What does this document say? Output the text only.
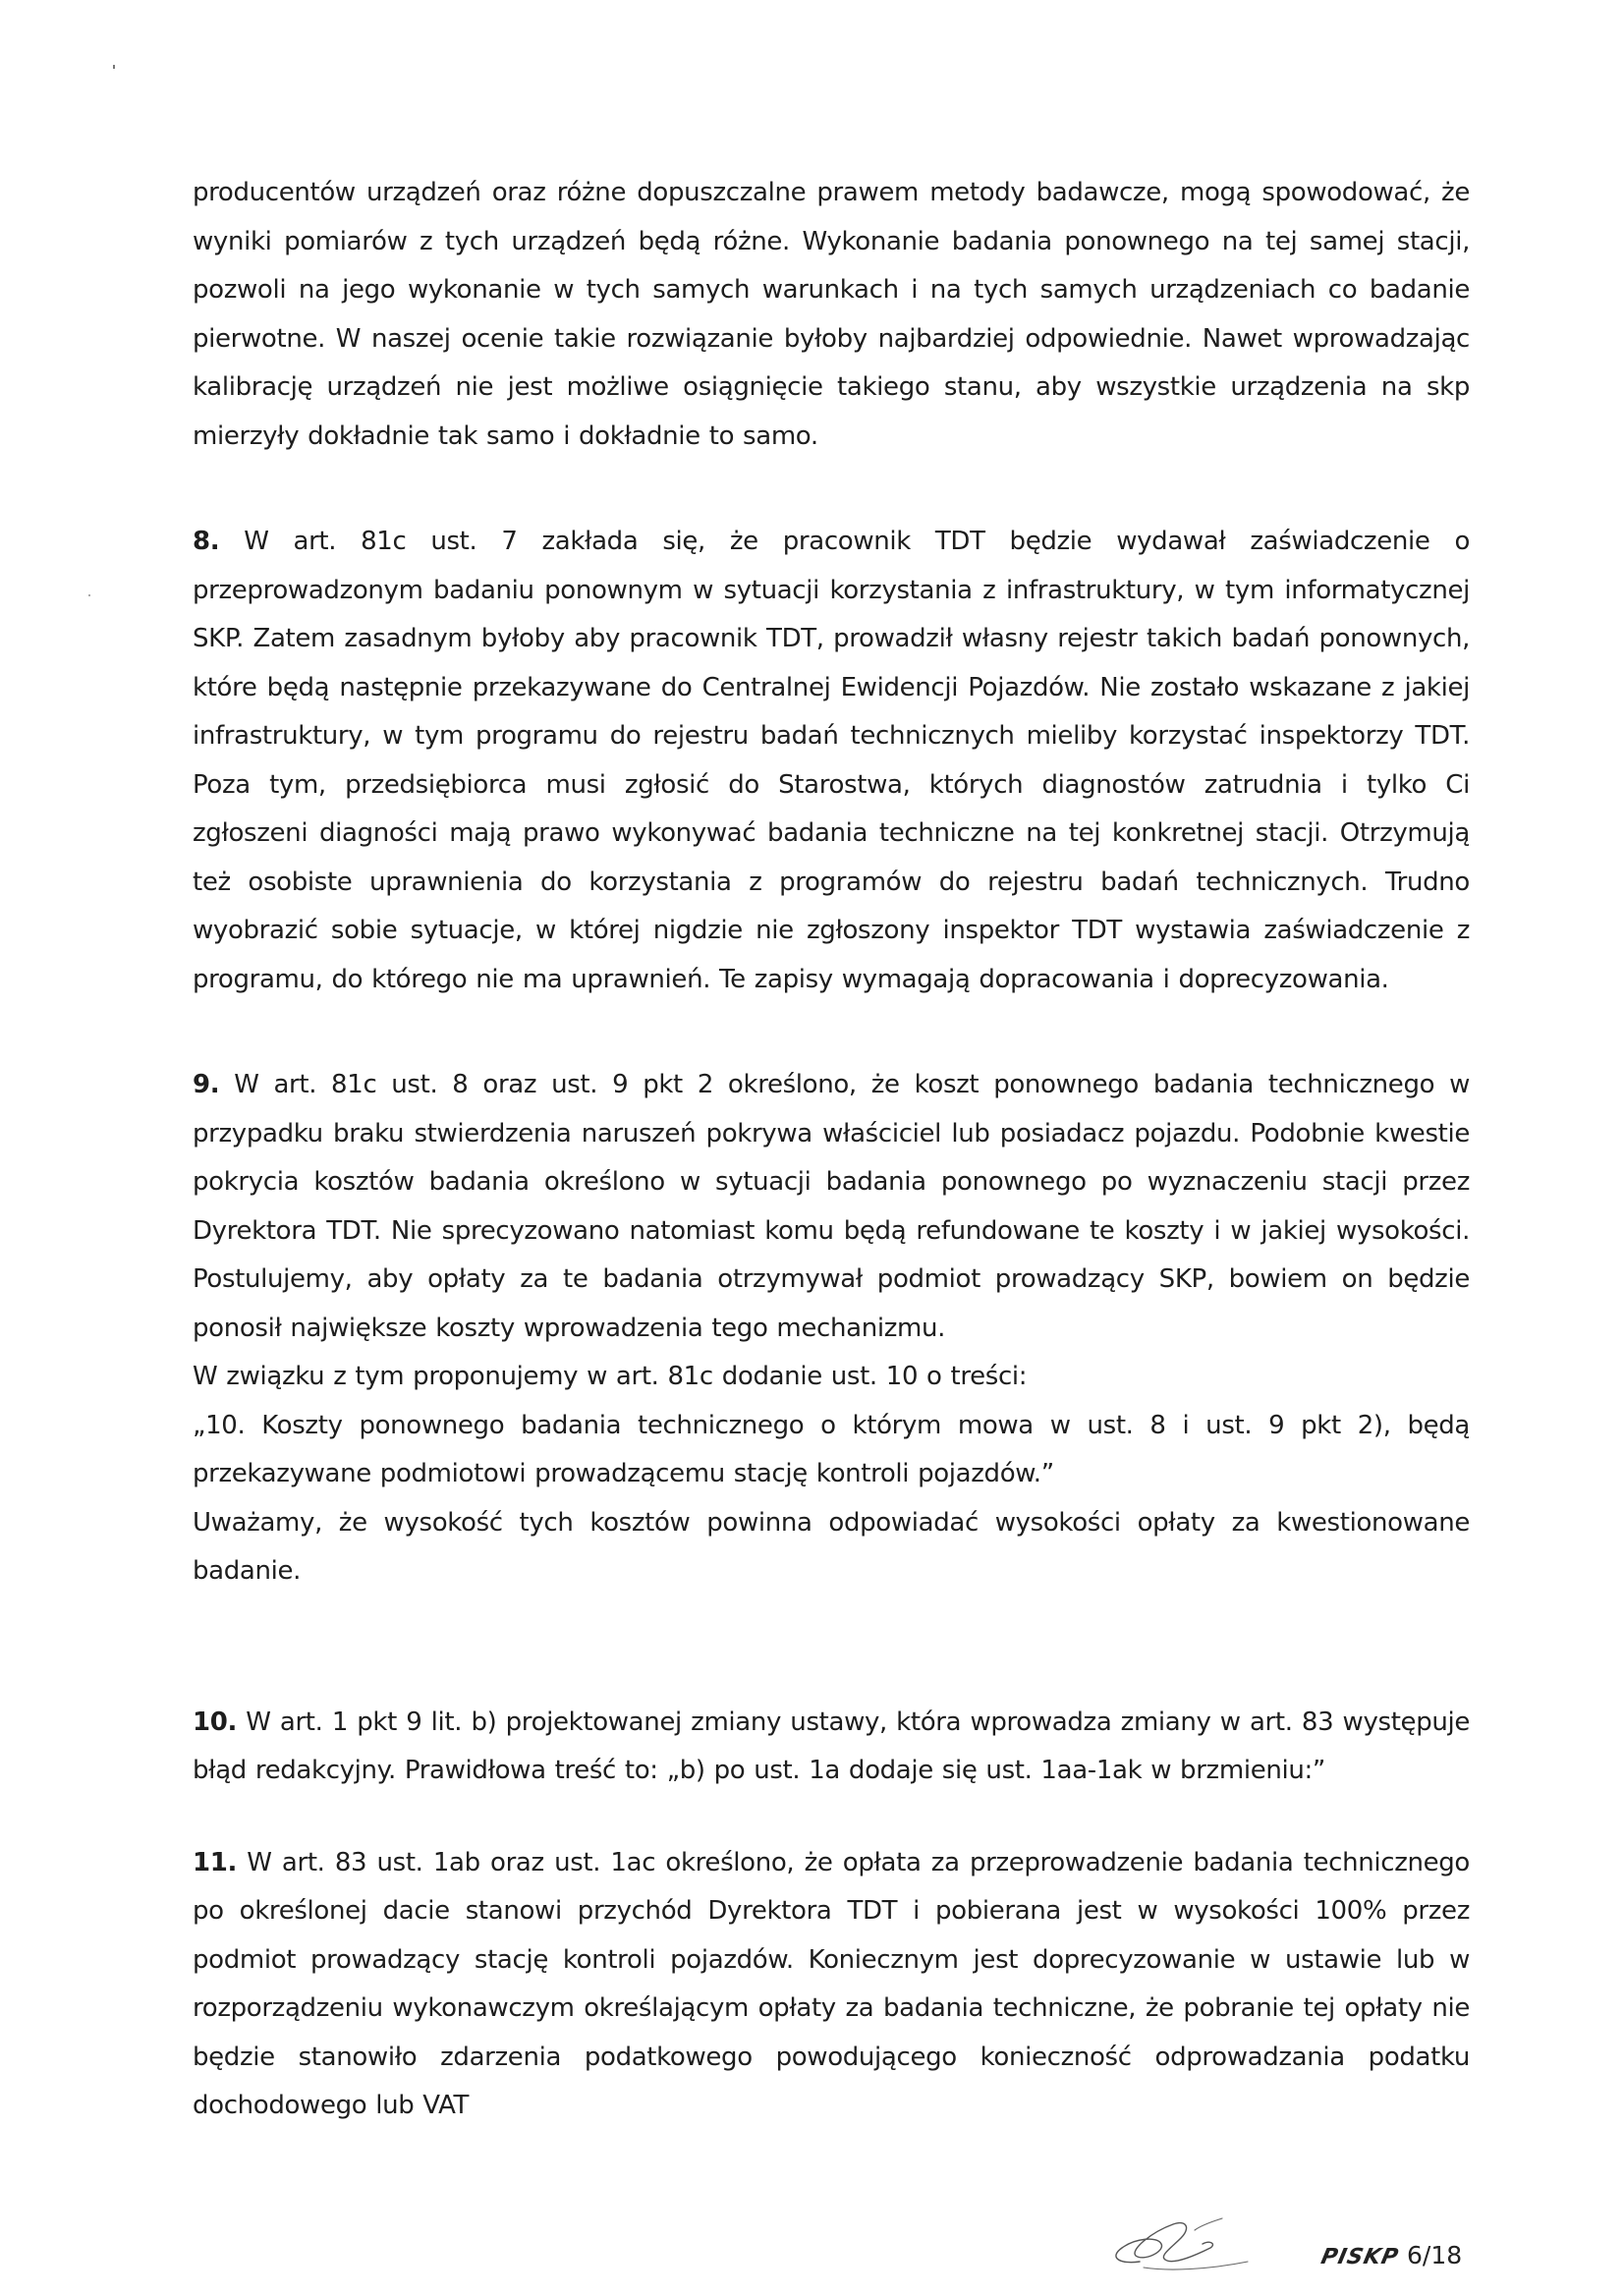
producentów urządzeń oraz różne dopuszczalne prawem metody badawcze, mogą spowodować, że wyniki pomiarów z tych urządzeń będą różne. Wykonanie badania ponownego na tej samej stacji, pozwoli na jego wykonanie w tych samych warunkach i na tych samych urządzeniach co badanie pierwotne. W naszej ocenie takie rozwiązanie byłoby najbardziej odpowiednie. Nawet wprowadzając kalibrację urządzeń nie jest możliwe osiągnięcie takiego stanu, aby wszystkie urządzenia na skp mierzyły dokładnie tak samo i dokładnie to samo.

8. W art. 81c ust. 7 zakłada się, że pracownik TDT będzie wydawał zaświadczenie o przeprowadzonym badaniu ponownym w sytuacji korzystania z infrastruktury, w tym informatycznej SKP. Zatem zasadnym byłoby aby pracownik TDT, prowadził własny rejestr takich badań ponownych, które będą następnie przekazywane do Centralnej Ewidencji Pojazdów. Nie zostało wskazane z jakiej infrastruktury, w tym programu do rejestru badań technicznych mieliby korzystać inspektorzy TDT. Poza tym, przedsiębiorca musi zgłosić do Starostwa, których diagnostów zatrudnia i tylko Ci zgłoszeni diagności mają prawo wykonywać badania techniczne na tej konkretnej stacji. Otrzymują też osobiste uprawnienia do korzystania z programów do rejestru badań technicznych. Trudno wyobrazić sobie sytuacje, w której nigdzie nie zgłoszony inspektor TDT wystawia zaświadczenie z programu, do którego nie ma uprawnień. Te zapisy wymagają dopracowania i doprecyzowania.

9. W art. 81c ust. 8 oraz ust. 9 pkt 2 określono, że koszt ponownego badania technicznego w przypadku braku stwierdzenia naruszeń pokrywa właściciel lub posiadacz pojazdu. Podobnie kwestie pokrycia kosztów badania określono w sytuacji badania ponownego po wyznaczeniu stacji przez Dyrektora TDT. Nie sprecyzowano natomiast komu będą refundowane te koszty i w jakiej wysokości. Postulujemy, aby opłaty za te badania otrzymywał podmiot prowadzący SKP, bowiem on będzie ponosił największe koszty wprowadzenia tego mechanizmu.

W związku z tym proponujemy w art. 81c dodanie ust. 10 o treści:

„10. Koszty ponownego badania technicznego o którym mowa w ust. 8 i ust. 9 pkt 2), będą przekazywane podmiotowi prowadzącemu stację kontroli pojazdów.”

Uważamy, że wysokość tych kosztów powinna odpowiadać wysokości opłaty za kwestionowane badanie.

10. W art. 1 pkt 9 lit. b) projektowanej zmiany ustawy, która wprowadza zmiany w art. 83 występuje błąd redakcyjny. Prawidłowa treść to: „b) po ust. 1a dodaje się ust. 1aa-1ak w brzmieniu:”

11. W art. 83 ust. 1ab oraz ust. 1ac określono, że opłata za przeprowadzenie badania technicznego po określonej dacie stanowi przychód Dyrektora TDT i pobierana jest w wysokości 100% przez podmiot prowadzący stację kontroli pojazdów. Koniecznym jest doprecyzowanie w ustawie lub w rozporządzeniu wykonawczym określającym opłaty za badania techniczne, że pobranie tej opłaty nie będzie stanowiło zdarzenia podatkowego powodującego konieczność odprowadzania podatku dochodowego lub VAT

PISKP 6/18
